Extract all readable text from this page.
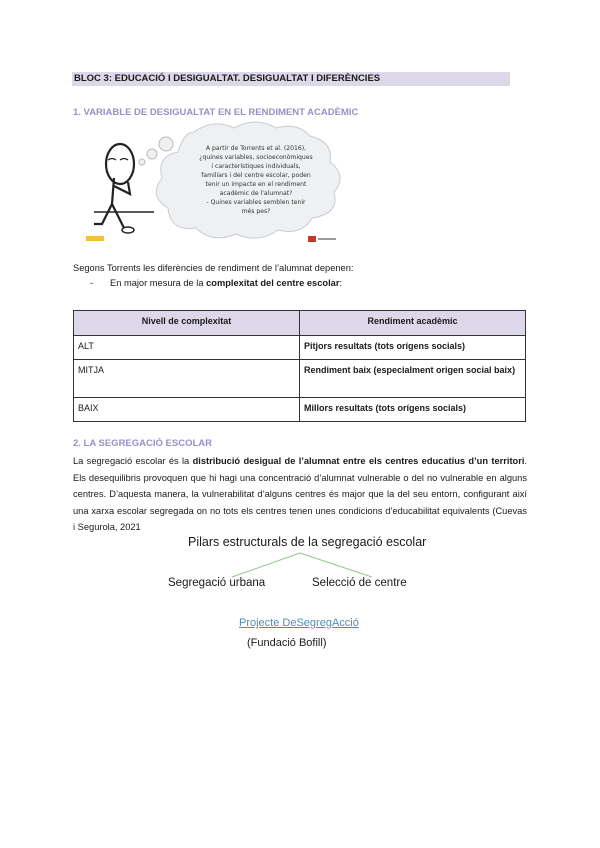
BLOC 3: EDUCACIÓ I DESIGUALTAT. DESIGUALTAT I DIFERÈNCIES
1. VARIABLE DE DESIGUALTAT EN EL RENDIMENT ACADÈMIC
A partir de Torrents et al. (2016),
¿quines variables, socioeconòmiques
i característiques individuals,
familiars i del centre escolar, poden
tenir un impacte en el rendiment
acadèmic de l'alumnat?
- Quines variables semblen tenir
més pes?
Segons Torrents les diferències de rendiment de l’alumnat depenen:
- En major mesura de la complexitat del centre escolar:
Nivell de complexitat	Rendiment acadèmic
ALT	Pitjors resultats (tots orígens socials)
MITJA	Rendiment baix (especialment origen social baix)
BAIX	Millors resultats (tots orígens socials)
2. LA SEGREGACIÓ ESCOLAR
La segregació escolar és la distribució desigual de l’alumnat entre els centres educatius d’un territori. Els desequilibris provoquen que hi hagi una concentració d’alumnat vulnerable o del no vulnerable en alguns centres. D’aquesta manera, la vulnerabilitat d’alguns centres és major que la del seu entorn, configurant així una xarxa escolar segregada on no tots els centres tenen unes condicions d’educabilitat equivalents (Cuevas i Segurola, 2021
Pilars estructurals de la segregació escolar
Segregació urbana	Selecció de centre
Projecte DeSegregAcció
(Fundació Bofill)
